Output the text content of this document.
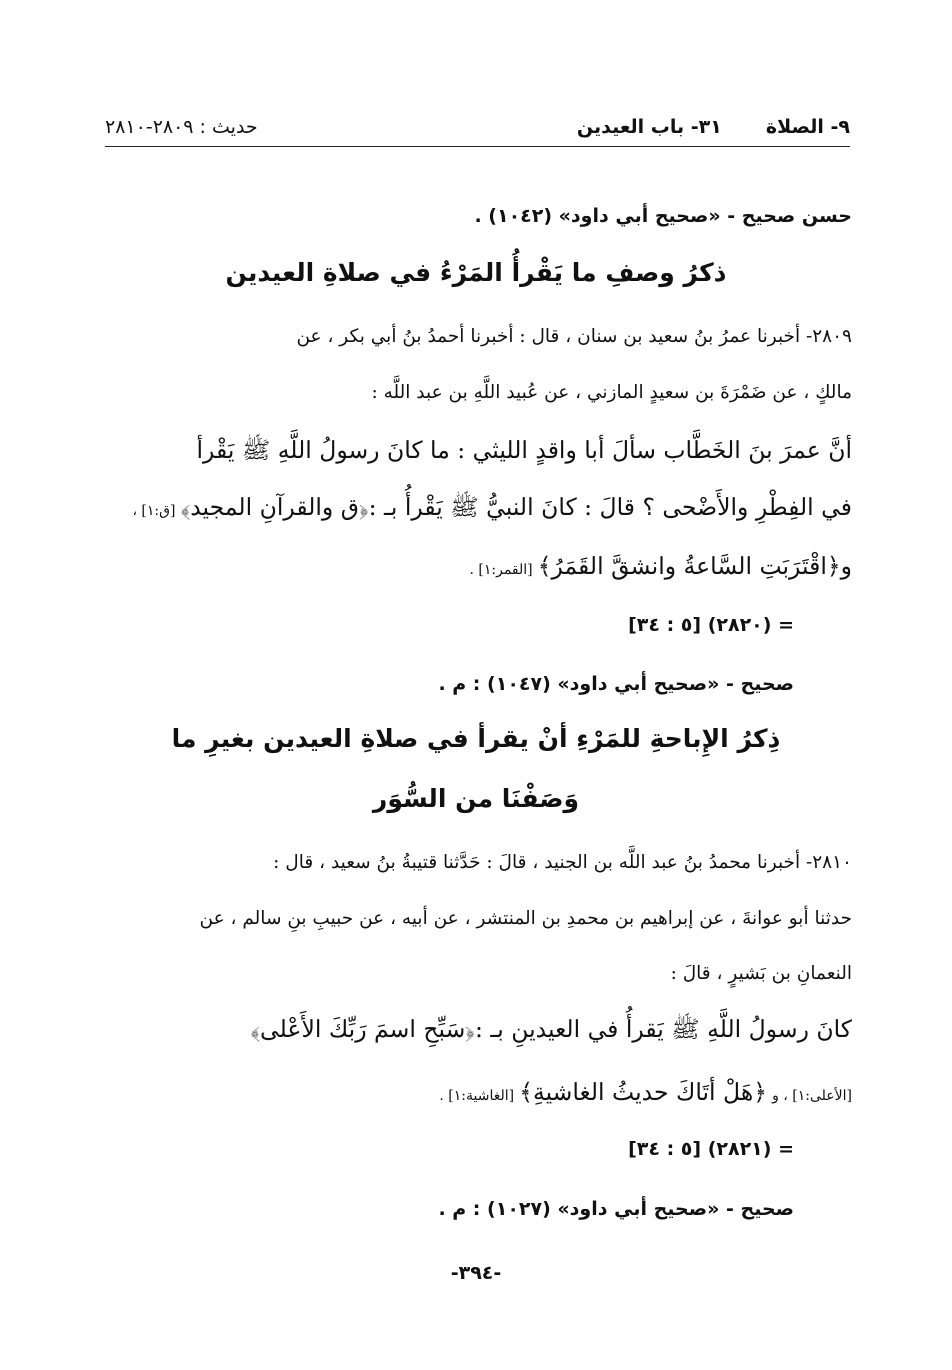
٩- الصلاة٣١- باب العيدين
حديث : ٢٨٠٩-٢٨١٠
حسن صحيح - «صحيح أبي داود» (١٠٤٢) .
ذكرُ وصفِ ما يَقْرأُ المَرْءُ في صلاةِ العيدين
٢٨٠٩- أخبرنا عمرُ بنُ سعيد بن سنان ، قال : أخبرنا أحمدُ بنُ أبي بكر ، عن
مالكٍ ، عن ضَمْرَةَ بن سعيدٍ المازني ، عن عُبيد اللَّهِ بن عبد اللَّه :
أنَّ عمرَ بنَ الخَطَّاب سألَ أبا واقدٍ الليثي : ما كانَ رسولُ اللَّهِ ﷺ يَقْرأ
في الفِطْرِ والأَضْحى ؟ قالَ : كانَ النبيُّ ﷺ يَقْرأُ بـ :﴿ق والقرآنِ المجيد﴾ [ق:١] ،
و﴿اقْتَرَبَتِ السَّاعةُ وانشقَّ القَمَرُ﴾ [القمر:١] .
= (٢٨٢٠) [٥ : ٣٤]
صحيح - «صحيح أبي داود» (١٠٤٧) : م .
ذِكرُ الإِباحةِ للمَرْءِ أنْ يقرأ في صلاةِ العيدين بغيرِ ما
وَصَفْنَا من السُّوَر
٢٨١٠- أخبرنا محمدُ بنُ عبد اللَّه بن الجنيد ، قالَ : حَدَّثنا قتيبةُ بنُ سعيد ، قال :
حدثنا أبو عوانةَ ، عن إبراهيم بن محمدِ بن المنتشر ، عن أبيه ، عن حبيبِ بنِ سالم ، عن
النعمانِ بن بَشيرٍ ، قالَ :
كانَ رسولُ اللَّهِ ﷺ يَقرأُ في العيدينِ بـ :﴿سَبِّحِ اسمَ رَبِّكَ الأَعْلى﴾
[الأعلى:١] ، و ﴿هَلْ أتَاكَ حديثُ الغاشيةِ﴾ [الغاشية:١] .
= (٢٨٢١) [٥ : ٣٤]
صحيح - «صحيح أبي داود» (١٠٢٧) : م .
-٣٩٤-
